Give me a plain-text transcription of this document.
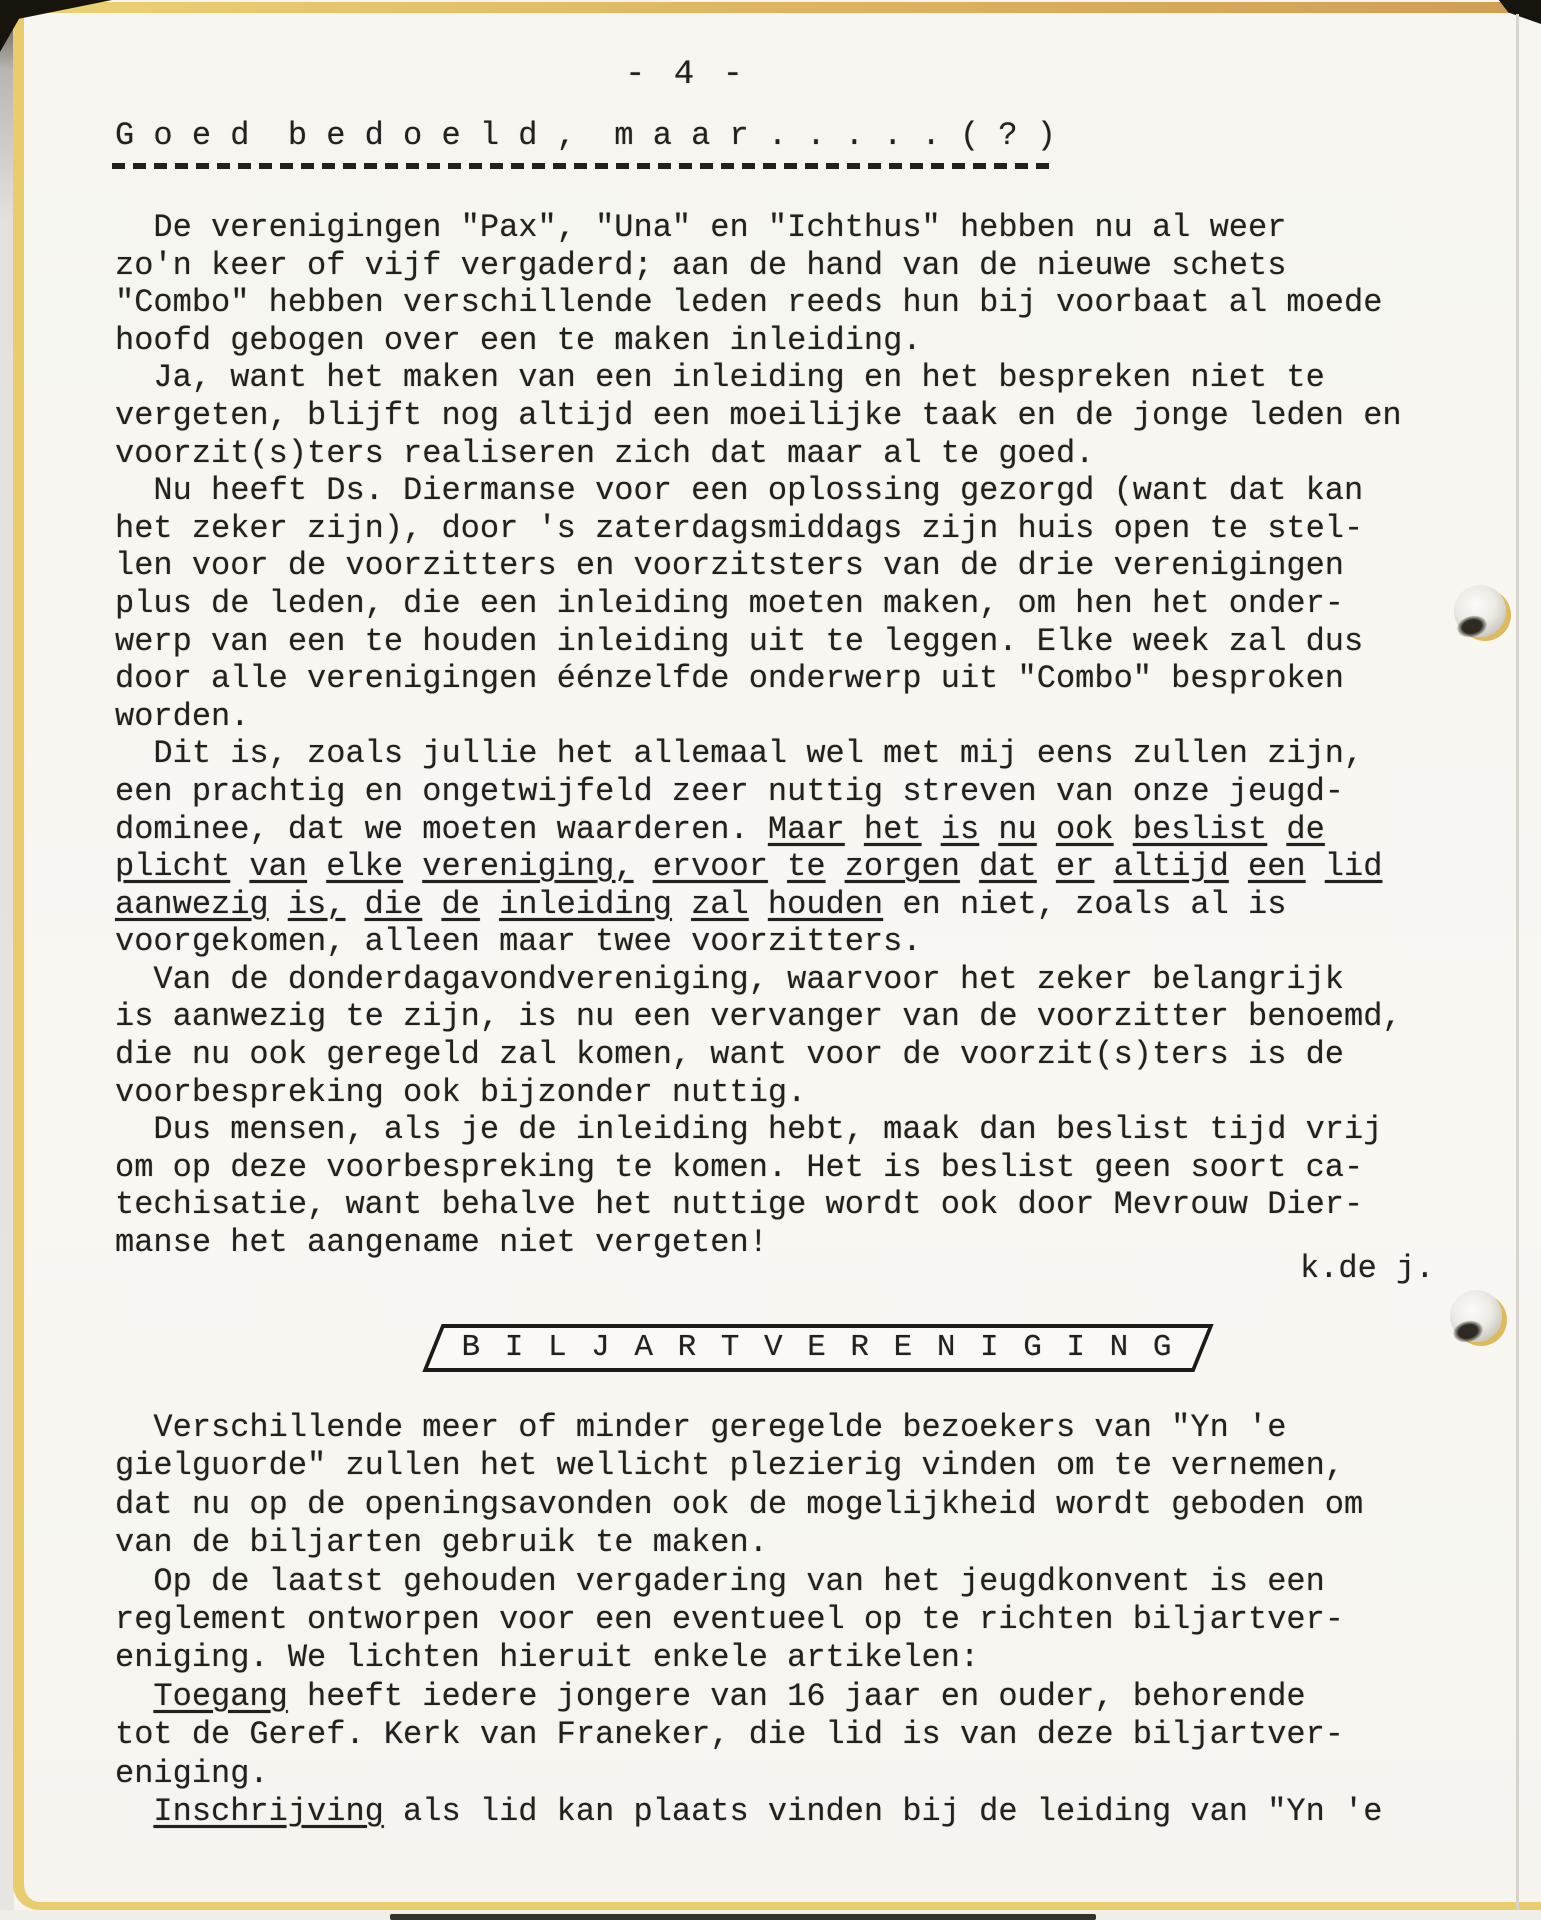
- 4 -
G o e d  b e d o e l d ,  m a a r . . . . . ( ? )
De verenigingen "Pax", "Una" en "Ichthus" hebben nu al weer
zo'n keer of vijf vergaderd; aan de hand van de nieuwe schets
"Combo" hebben verschillende leden reeds hun bij voorbaat al moede
hoofd gebogen over een te maken inleiding.
Ja, want het maken van een inleiding en het bespreken niet te
vergeten, blijft nog altijd een moeilijke taak en de jonge leden en
voorzit(s)ters realiseren zich dat maar al te goed.
Nu heeft Ds. Diermanse voor een oplossing gezorgd (want dat kan
het zeker zijn), door 's zaterdagsmiddags zijn huis open te stel-
len voor de voorzitters en voorzitsters van de drie verenigingen
plus de leden, die een inleiding moeten maken, om hen het onder-
werp van een te houden inleiding uit te leggen. Elke week zal dus
door alle verenigingen éénzelfde onderwerp uit "Combo" besproken
worden.
Dit is, zoals jullie het allemaal wel met mij eens zullen zijn,
een prachtig en ongetwijfeld zeer nuttig streven van onze jeugd-
dominee, dat we moeten waarderen. Maar het is nu ook beslist de
plicht van elke vereniging, ervoor te zorgen dat er altijd een lid
aanwezig is, die de inleiding zal houden en niet, zoals al is
voorgekomen, alleen maar twee voorzitters.
Van de donderdagavondvereniging, waarvoor het zeker belangrijk
is aanwezig te zijn, is nu een vervanger van de voorzitter benoemd,
die nu ook geregeld zal komen, want voor de voorzit(s)ters is de
voorbespreking ook bijzonder nuttig.
Dus mensen, als je de inleiding hebt, maak dan beslist tijd vrij
om op deze voorbespreking te komen. Het is beslist geen soort ca-
techisatie, want behalve het nuttige wordt ook door Mevrouw Dier-
manse het aangename niet vergeten!
k.de j.
B I L J A R T V E R E N I G I N G
Verschillende meer of minder geregelde bezoekers van "Yn 'e
gielguorde" zullen het wellicht plezierig vinden om te vernemen,
dat nu op de openingsavonden ook de mogelijkheid wordt geboden om
van de biljarten gebruik te maken.
Op de laatst gehouden vergadering van het jeugdkonvent is een
reglement ontworpen voor een eventueel op te richten biljartver-
eniging. We lichten hieruit enkele artikelen:
Toegang heeft iedere jongere van 16 jaar en ouder, behorende
tot de Geref. Kerk van Franeker, die lid is van deze biljartver-
eniging.
Inschrijving als lid kan plaats vinden bij de leiding van "Yn 'e
